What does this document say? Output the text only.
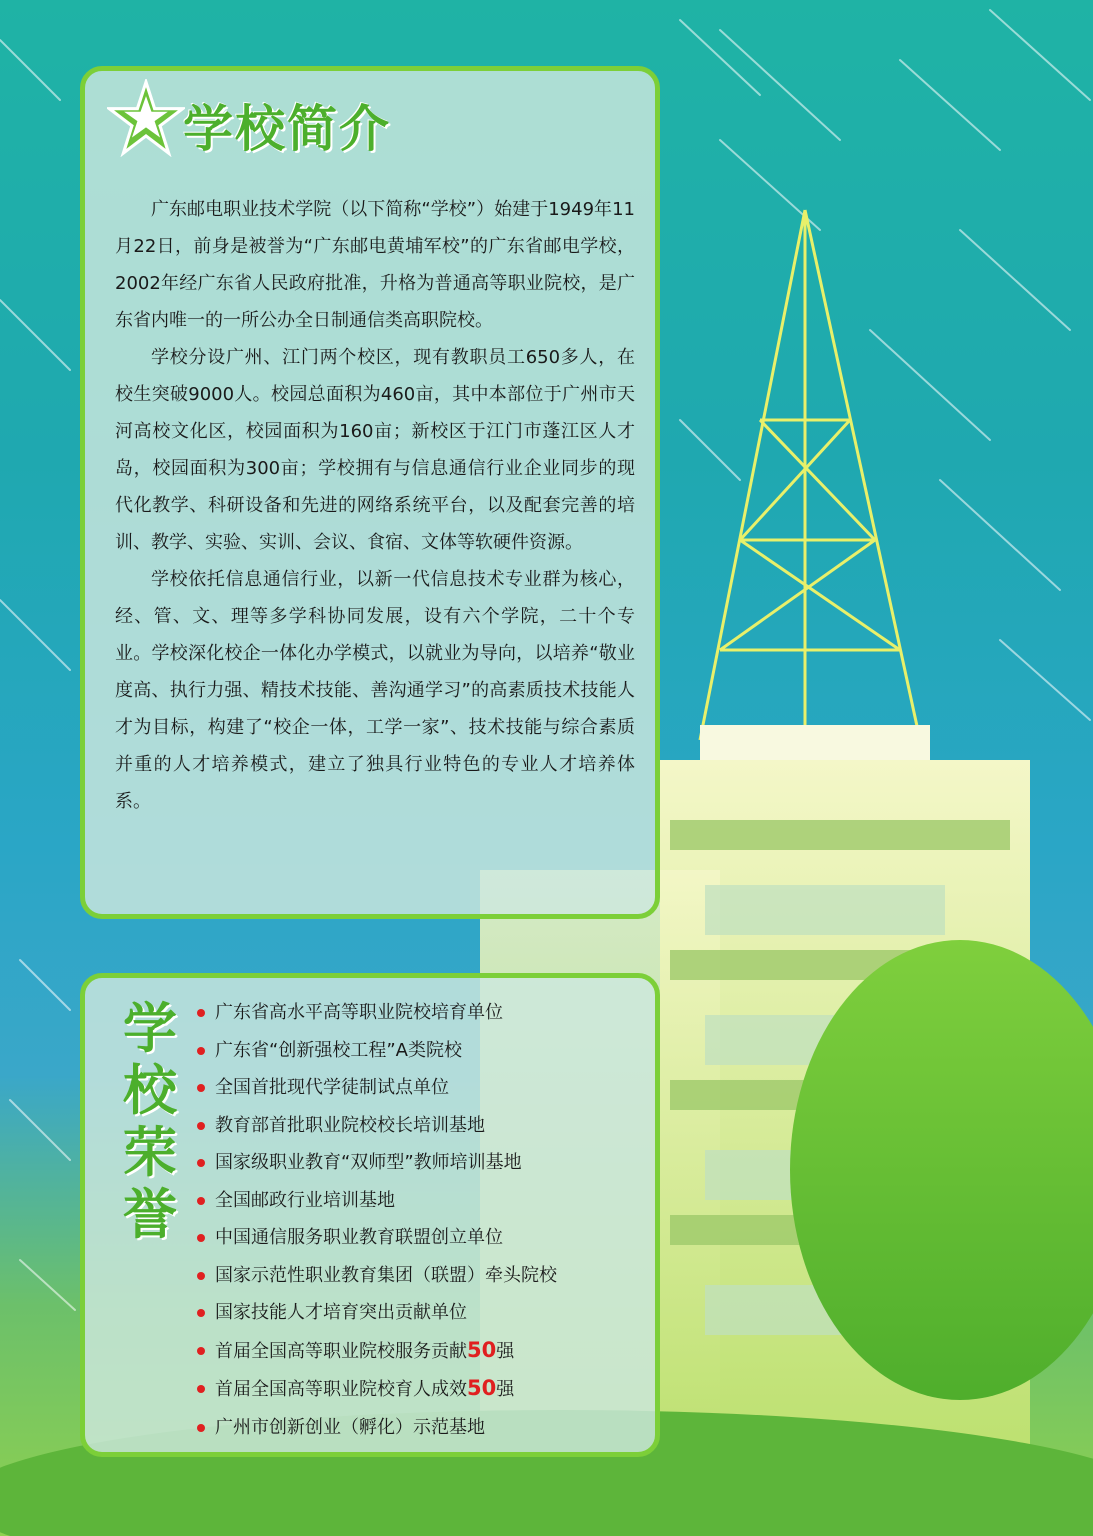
学校简介

广东邮电职业技术学院（以下简称“学校”）始建于1949年11月22日，前身是被誉为“广东邮电黄埔军校”的广东省邮电学校，2002年经广东省人民政府批准，升格为普通高等职业院校，是广东省内唯一的一所公办全日制通信类高职院校。

学校分设广州、江门两个校区，现有教职员工650多人，在校生突破9000人。校园总面积为460亩，其中本部位于广州市天河高校文化区，校园面积为160亩；新校区于江门市蓬江区人才岛，校园面积为300亩；学校拥有与信息通信行业企业同步的现代化教学、科研设备和先进的网络系统平台，以及配套完善的培训、教学、实验、实训、会议、食宿、文体等软硬件资源。

学校依托信息通信行业，以新一代信息技术专业群为核心，经、管、文、理等多学科协同发展，设有六个学院，二十个专业。学校深化校企一体化办学模式，以就业为导向，以培养“敬业度高、执行力强、精技术技能、善沟通学习”的高素质技术技能人才为目标，构建了“校企一体，工学一家”、技术技能与综合素质并重的人才培养模式，建立了独具行业特色的专业人才培养体系。

学
校
荣
誉
广东省高水平高等职业院校培育单位
广东省“创新强校工程”A类院校
全国首批现代学徒制试点单位
教育部首批职业院校校长培训基地
国家级职业教育“双师型”教师培训基地
全国邮政行业培训基地
中国通信服务职业教育联盟创立单位
国家示范性职业教育集团（联盟）牵头院校
国家技能人才培育突出贡献单位
首届全国高等职业院校服务贡献50强
首届全国高等职业院校育人成效50强
广州市创新创业（孵化）示范基地
